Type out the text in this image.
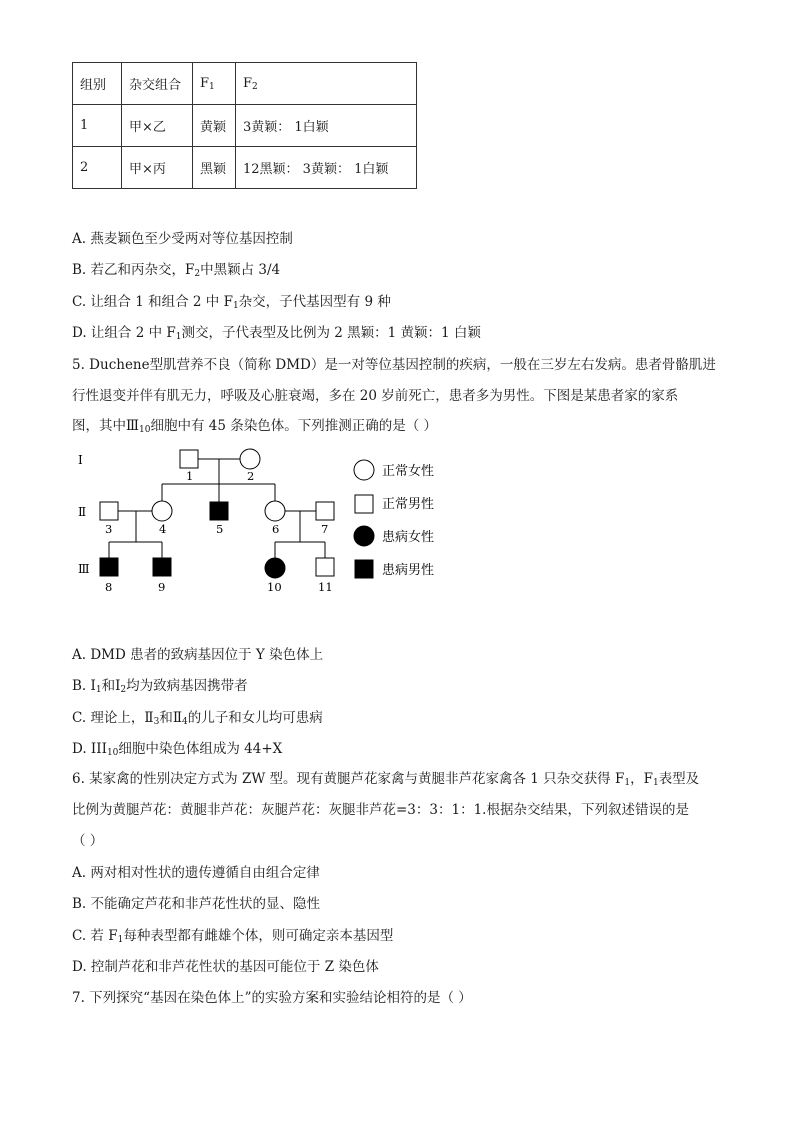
组别	杂交组合	$F_1$	$F_2$
1	甲×乙	黄颖	3黄颖： 1白颖
2	甲×丙	黑颖	12黑颖： 3黄颖： 1白颖
A. 燕麦颖色至少受两对等位基因控制
B. 若乙和丙杂交，$F_2$中黑颖占 3/4
C. 让组合 1 和组合 2 中 $F_1$杂交，子代基因型有 9 种
D. 让组合 2 中 $F_1$测交，子代表型及比例为 2 黑颖：1 黄颖：1 白颖
5. Duchene型肌营养不良（简称 DMD）是一对等位基因控制的疾病，一般在三岁左右发病。患者骨骼肌进
行性退变并伴有肌无力，呼吸及心脏衰竭，多在 20 岁前死亡，患者多为男性。下图是某患者家的家系
图，其中$Ⅲ_{10}$细胞中有 45 条染色体。下列推测正确的是（ ）
Ⅰ
Ⅱ
Ⅲ
1	2
3	4	5	6	7
8	9	10	11
正常女性
正常男性
患病女性
患病男性
A. DMD 患者的致病基因位于 Y 染色体上
B. $Ⅰ_1$和$Ⅰ_2$均为致病基因携带者
C. 理论上，$Ⅱ_3$和$Ⅱ_4$的儿子和女儿均可患病
D. $III_{10}$细胞中染色体组成为 44+X
6. 某家禽的性别决定方式为 ZW 型。现有黄腿芦花家禽与黄腿非芦花家禽各 1 只杂交获得 $F_1$，$F_1$表型及
比例为黄腿芦花：黄腿非芦花：灰腿芦花：灰腿非芦花=3：3：1：1.根据杂交结果，下列叙述错误的是
（ ）
A. 两对相对性状的遗传遵循自由组合定律
B. 不能确定芦花和非芦花性状的显、隐性
C. 若 $F_1$每种表型都有雌雄个体，则可确定亲本基因型
D. 控制芦花和非芦花性状的基因可能位于 Z 染色体
7. 下列探究“基因在染色体上”的实验方案和实验结论相符的是（ ）
